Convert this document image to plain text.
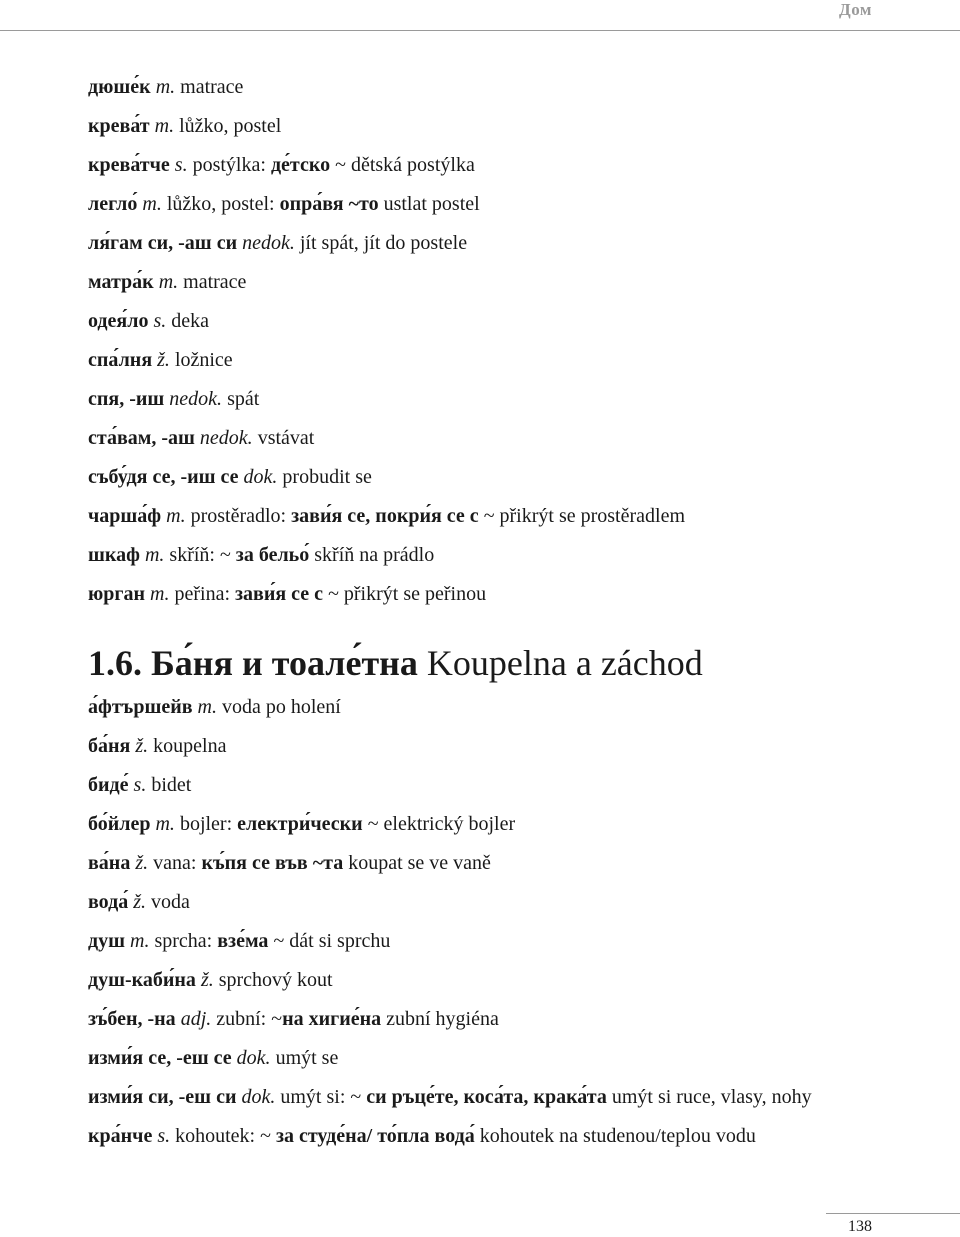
Дом
дюше́к m. matrace
крева́т m. lůžko, postel
крева́тче s. postýlka: де́тско ~ dětská postýlka
легло́ m. lůžko, postel: опра́вя ~то ustlat postel
ля́гам си, -аш си nedok. jít spát, jít do postele
матра́к m. matrace
одея́ло s. deka
спа́лня ž. ložnice
спя, -иш nedok. spát
ста́вам, -аш nedok. vstávat
събу́дя се, -иш се dok. probudit se
чарша́ф m. prostěradlo: зави́я се, покри́я се с ~ přikrýt se prostěradlem
шкаф m. skříň: ~ за бельо́ skříň na prádlo
юрган m. peřina: зави́я се с ~ přikrýt se peřinou
1.6. Ба́ня и тоале́тна Koupelna a záchod
а́фтършейв m. voda po holení
ба́ня ž. koupelna
биде́ s. bidet
бо́йлер m. bojler: електри́чески ~ elektrický bojler
ва́на ž. vana: къ́пя се във ~та koupat se ve vaně
вода́ ž. voda
душ m. sprcha: взе́ма ~ dát si sprchu
душ-каби́на ž. sprchový kout
зъ́бен, -на adj. zubní: ~на хигие́на zubní hygiéna
изми́я се, -еш се dok. umýt se
изми́я си, -еш си dok. umýt si: ~ си ръце́те, коса́та, крака́та umýt si ruce, vlasy, nohy
кра́нче s. kohoutek: ~ за студе́на/ то́пла вода́ kohoutek na studenou/teplou vodu
138
